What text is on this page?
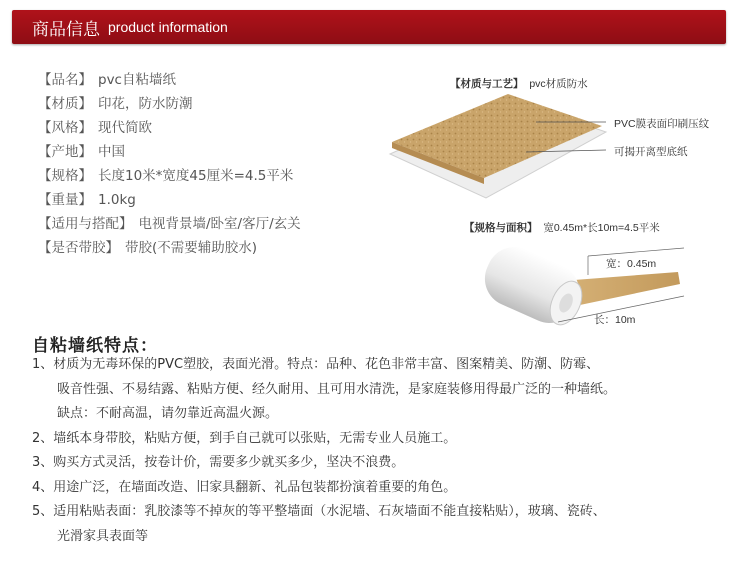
商品信息 product information
【品名】 pvc自粘墙纸
【材质】 印花，防水防潮
【风格】 现代简欧
【产地】 中国
【规格】 长度10米*宽度45厘米=4.5平米
【重量】 1.0kg
【适用与搭配】 电视背景墙/卧室/客厅/玄关
【是否带胶】 带胶(不需要辅助胶水)
【材质与工艺】 pvc材质防水
PVC膜表面印刷压纹
可揭开离型底纸
【规格与面积】 宽0.45m*长10m=4.5平米
宽：0.45m
长：10m
自粘墙纸特点：
1、材质为无毒环保的PVC塑胶，表面光滑。特点：品种、花色非常丰富、图案精美、防潮、防霉、
吸音性强、不易结露、粘贴方便、经久耐用、且可用水清洗，是家庭装修用得最广泛的一种墙纸。
缺点：不耐高温，请勿靠近高温火源。
2、墙纸本身带胶，粘贴方便，到手自己就可以张贴，无需专业人员施工。
3、购买方式灵活，按卷计价，需要多少就买多少，坚决不浪费。
4、用途广泛，在墙面改造、旧家具翻新、礼品包装都扮演着重要的角色。
5、适用粘贴表面：乳胶漆等不掉灰的等平整墙面（水泥墙、石灰墙面不能直接粘贴），玻璃、瓷砖、
光滑家具表面等
